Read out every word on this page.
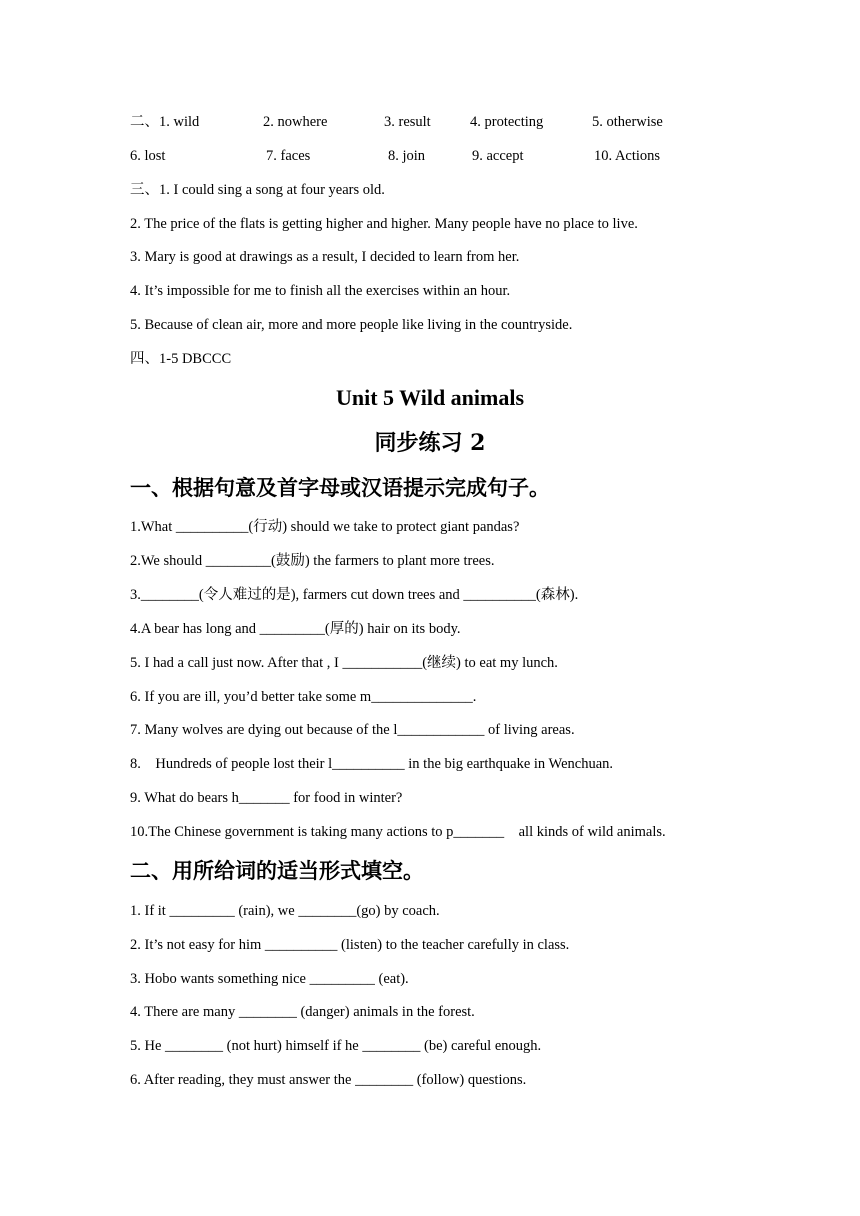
二、1. wild	2. nowhere	3. result	4. protecting	5. otherwise
6. lost	7. faces	8. join	9. accept	10. Actions
三、1. I could sing a song at four years old.
2. The price of the flats is getting higher and higher. Many people have no place to live.
3. Mary is good at drawings as a result, I decided to learn from her.
4. It’s impossible for me to finish all the exercises within an hour.
5. Because of clean air, more and more people like living in the countryside.
四、1-5 DBCCC
Unit 5 Wild animals
同步练习 2
一、根据句意及首字母或汉语提示完成句子。
1.What __________(行动) should we take to protect giant pandas?
2.We should _________(鼓励) the farmers to plant more trees.
3.________(令人难过的是), farmers cut down trees and __________(森林).
4.A bear has long and _________(厚的) hair on its body.
5. I had a call just now. After that , I ___________(继续) to eat my lunch.
6. If you are ill, you’d better take some m______________.
7. Many wolves are dying out because of the l____________ of living areas.
8.    Hundreds of people lost their l__________ in the big earthquake in Wenchuan.
9. What do bears h_______ for food in winter?
10.The Chinese government is taking many actions to p_______    all kinds of wild animals.
二、用所给词的适当形式填空。
1. If it _________ (rain), we ________(go) by coach.
2. It’s not easy for him __________ (listen) to the teacher carefully in class.
3. Hobo wants something nice _________ (eat).
4. There are many ________ (danger) animals in the forest.
5. He ________ (not hurt) himself if he ________ (be) careful enough.
6. After reading, they must answer the ________ (follow) questions.
